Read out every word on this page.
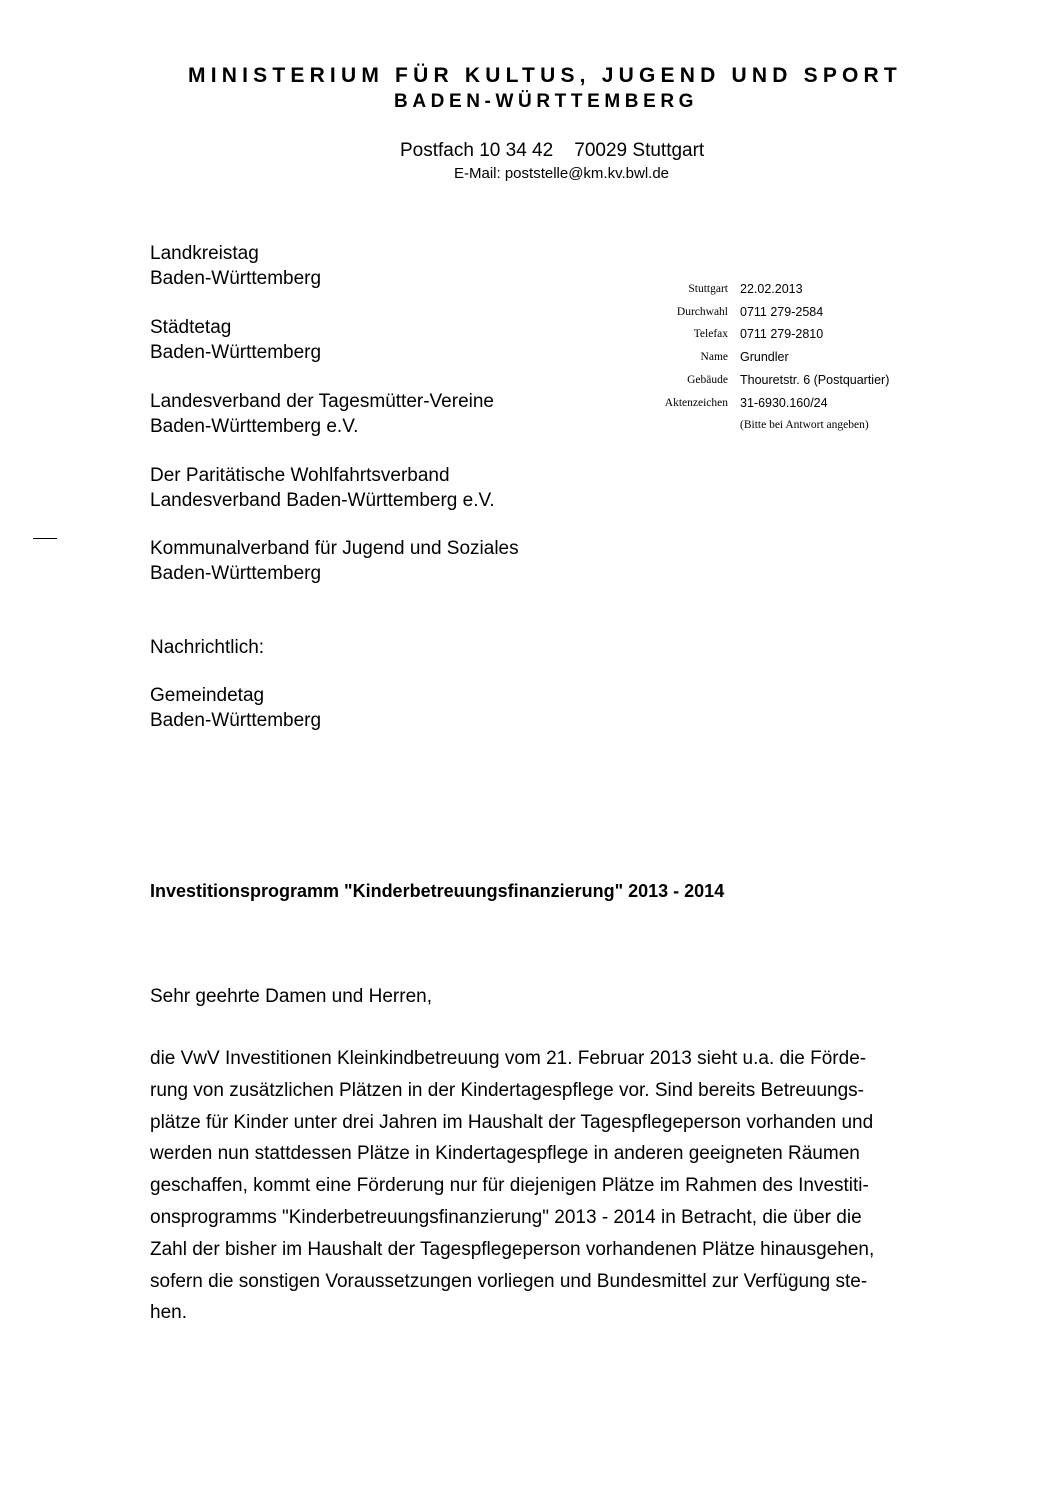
MINISTERIUM FÜR KULTUS, JUGEND UND SPORT
BADEN-WÜRTTEMBERG
Postfach 10 34 42    70029 Stuttgart
E-Mail: poststelle@km.kv.bwl.de
Landkreistag
Baden-Württemberg
Städtetag
Baden-Württemberg
Landesverband der Tagesmütter-Vereine
Baden-Württemberg e.V.
Der Paritätische Wohlfahrtsverband
Landesverband Baden-Württemberg e.V.
Kommunalverband für Jugend und Soziales
Baden-Württemberg
Nachrichtlich:
Gemeindetag
Baden-Württemberg
Stuttgart 22.02.2013
Durchwahl 0711 279-2584
Telefax 0711 279-2810
Name Grundler
Gebäude Thouretstr. 6 (Postquartier)
Aktenzeichen 31-6930.160/24
(Bitte bei Antwort angeben)
Investitionsprogramm "Kinderbetreuungsfinanzierung" 2013 - 2014
Sehr geehrte Damen und Herren,
die VwV Investitionen Kleinkindbetreuung vom 21. Februar 2013 sieht u.a. die Förde-
rung von zusätzlichen Plätzen in der Kindertagespflege vor. Sind bereits Betreuungs-
plätze für Kinder unter drei Jahren im Haushalt der Tagespflegeperson vorhanden und
werden nun stattdessen Plätze in Kindertagespflege in anderen geeigneten Räumen
geschaffen, kommt eine Förderung nur für diejenigen Plätze im Rahmen des Investiti-
onsprogramms "Kinderbetreuungsfinanzierung" 2013 - 2014 in Betracht, die über die
Zahl der bisher im Haushalt der Tagespflegeperson vorhandenen Plätze hinausgehen,
sofern die sonstigen Voraussetzungen vorliegen und Bundesmittel zur Verfügung ste-
hen.
